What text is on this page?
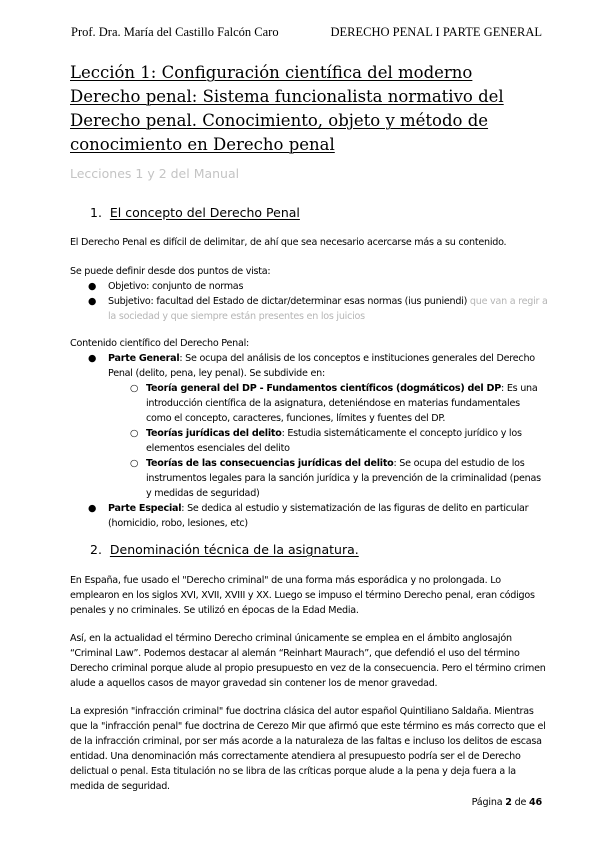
Prof. Dra. María del Castillo Falcón Caro	DERECHO PENAL I PARTE GENERAL
Lección 1: Configuración científica del moderno Derecho penal: Sistema funcionalista normativo del Derecho penal. Conocimiento, objeto y método de conocimiento en Derecho penal
Lecciones 1 y 2 del Manual
1. El concepto del Derecho Penal

El Derecho Penal es difícil de delimitar, de ahí que sea necesario acercarse más a su contenido.

Se puede definir desde dos puntos de vista:

● Objetivo: conjunto de normas
● Subjetivo: facultad del Estado de dictar/determinar esas normas (ius puniendi) que van a regir a la sociedad y que siempre están presentes en los juicios

Contenido científico del Derecho Penal:

● Parte General: Se ocupa del análisis de los conceptos e instituciones generales del Derecho Penal (delito, pena, ley penal). Se subdivide en:
○ Teoría general del DP - Fundamentos científicos (dogmáticos) del DP: Es una introducción científica de la asignatura, deteniéndose en materias fundamentales como el concepto, caracteres, funciones, límites y fuentes del DP.
○ Teorías jurídicas del delito: Estudia sistemáticamente el concepto jurídico y los elementos esenciales del delito
○ Teorías de las consecuencias jurídicas del delito: Se ocupa del estudio de los instrumentos legales para la sanción jurídica y la prevención de la criminalidad (penas y medidas de seguridad)
● Parte Especial: Se dedica al estudio y sistematización de las figuras de delito en particular (homicidio, robo, lesiones, etc)
2. Denominación técnica de la asignatura.

En España, fue usado el "Derecho criminal" de una forma más esporádica y no prolongada. Lo emplearon en los siglos XVI, XVII, XVIII y XX. Luego se impuso el término Derecho penal, eran códigos penales y no criminales. Se utilizó en épocas de la Edad Media.

Así, en la actualidad el término Derecho criminal únicamente se emplea en el ámbito anglosajón “Criminal Law”. Podemos destacar al alemán “Reinhart Maurach”, que defendió el uso del término Derecho criminal porque alude al propio presupuesto en vez de la consecuencia. Pero el término crimen alude a aquellos casos de mayor gravedad sin contener los de menor gravedad.

La expresión "infracción criminal" fue doctrina clásica del autor español Quintiliano Saldaña. Mientras que la "infracción penal" fue doctrina de Cerezo Mir que afirmó que este término es más correcto que el de la infracción criminal, por ser más acorde a la naturaleza de las faltas e incluso los delitos de escasa entidad. Una denominación más correctamente atendiera al presupuesto podría ser el de Derecho delictual o penal. Esta titulación no se libra de las críticas porque alude a la pena y deja fuera a la medida de seguridad.

Página 2 de 46
